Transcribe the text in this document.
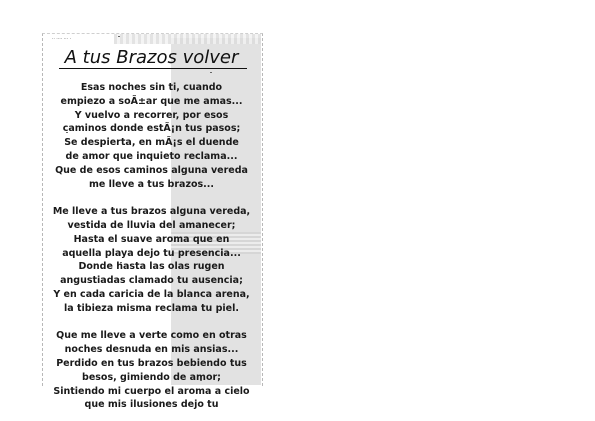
·· ···· ··· ·
A tus Brazos volver
Esas noches sin ti, cuando
empiezo a soÃ±ar que me amas...
Y vuelvo a recorrer, por esos
caminos donde estÃ¡n tus pasos;
Se despierta, en mÃ¡s el duende
de amor que inquieto reclama...
Que de esos caminos alguna vereda
me lleve a tus brazos...
Me lleve a tus brazos alguna vereda,
vestida de lluvia del amanecer;
Hasta el suave aroma que en
aquella playa dejo tu presencia...
Donde hasta las olas rugen
angustiadas clamado tu ausencia;
Y en cada caricia de la blanca arena,
la tibieza misma reclama tu piel.
Que me lleve a verte como en otras
noches desnuda en mis ansias...
Perdido en tus brazos bebiendo tus
besos, gimiendo de amor;
Sintiendo mi cuerpo el aroma a cielo
que mis ilusiones dejo tu
